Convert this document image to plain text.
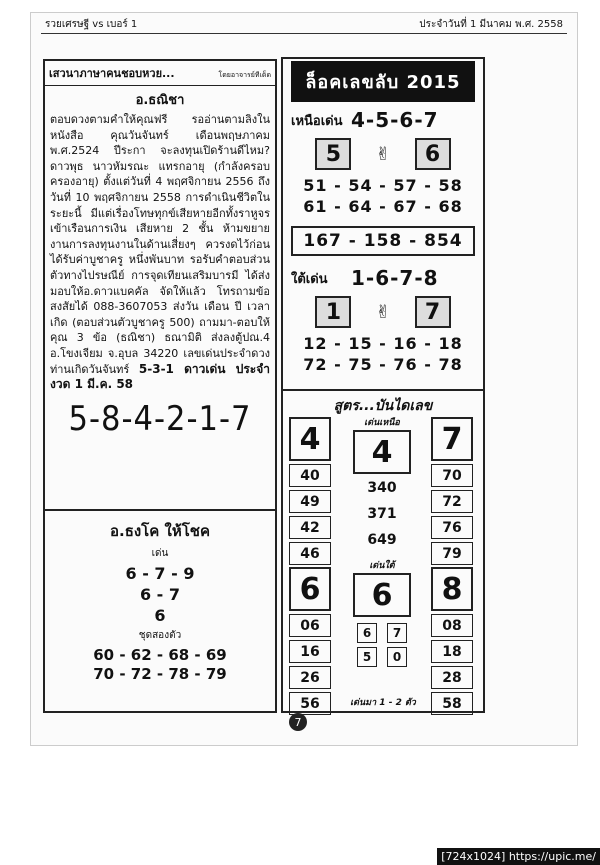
รวยเศรษฐี vs เบอร์ 1	ประจำวันที่ 1 มีนาคม พ.ศ. 2558
เสวนาภาษาคนชอบหวย...	โดยอาจารย์ทีเด็ด
อ.ธณิชา
ตอบดวงตามคำให้คุณฟรี รออ่านตามลิงในหนังสือ คุณวันจันทร์ เดือนพฤษภาคม พ.ศ.2524 ปีระกา จะลงทุนเปิดร้านดีไหม? ดาวพุธ นาวหัมรณะ แทรกอายุ (กำลังครอบครองอายุ) ตั้งแต่วันที่ 4 พฤศจิกายน 2556 ถึงวันที่ 10 พฤศจิกายน 2558 การดำเนินชีวิตในระยะนี้ มีแต่เรื่องโทษทุกข์เสียหายอีกทั้งราหูจรเข้าเรือนการเงิน เสียหาย 2 ชั้น ห้ามขยายงานการลงทุนงานในด้านเสี่ยงๆ ควรงดไว้ก่อน ได้รับค่าบูชาครู หนึ่งพันบาท รอรับคำตอบส่วนตัวทางไปรษณีย์ การจุดเทียนเสริมบารมี ได้ส่งมอบให้อ.ดาวแบคคัล จัดให้แล้ว โทรถามข้อสงสัยได้ 088-3607053 ส่งวัน เดือน ปี เวลาเกิด (ตอบส่วนตัวบูชาครู 500) ถามมา-ตอบให้คุณ 3 ข้อ (ธณิชา) ธณามิติ ส่งลงตู้ปณ.4 อ.โขงเจียม จ.อุบล 34220 เลขเด่นประจำดวงท่านเกิดวันจันทร์ 5-3-1 ดาวเด่น ประจำงวด 1 มี.ค. 58
5-8-4-2-1-7
อ.ธงโค ให้โชค
เด่น
6 - 7 - 9
6 - 7
6
ชุดสองตัว
60 - 62 - 68 - 69
70 - 72 - 78 - 79
ล็อคเลขลับ 2015
เหนือเด่น 4-5-6-7
5	✌	6
51 - 54 - 57 - 58
61 - 64 - 67 - 68
167 - 158 - 854
ใต้เด่น	1-6-7-8
1	✌	7
12 - 15 - 16 - 18
72 - 75 - 76 - 78
สูตร...บันไดเลข
4
40
49
42
46
6
06
16
26
56
7
70
72
76
79
8
08
18
28
58
เด่นเหนือ
4
340
371
649
เด่นใต้
6
6	7
5	0
เด่นมา 1 - 2 ตัว
7
[724x1024] https://upic.me/
